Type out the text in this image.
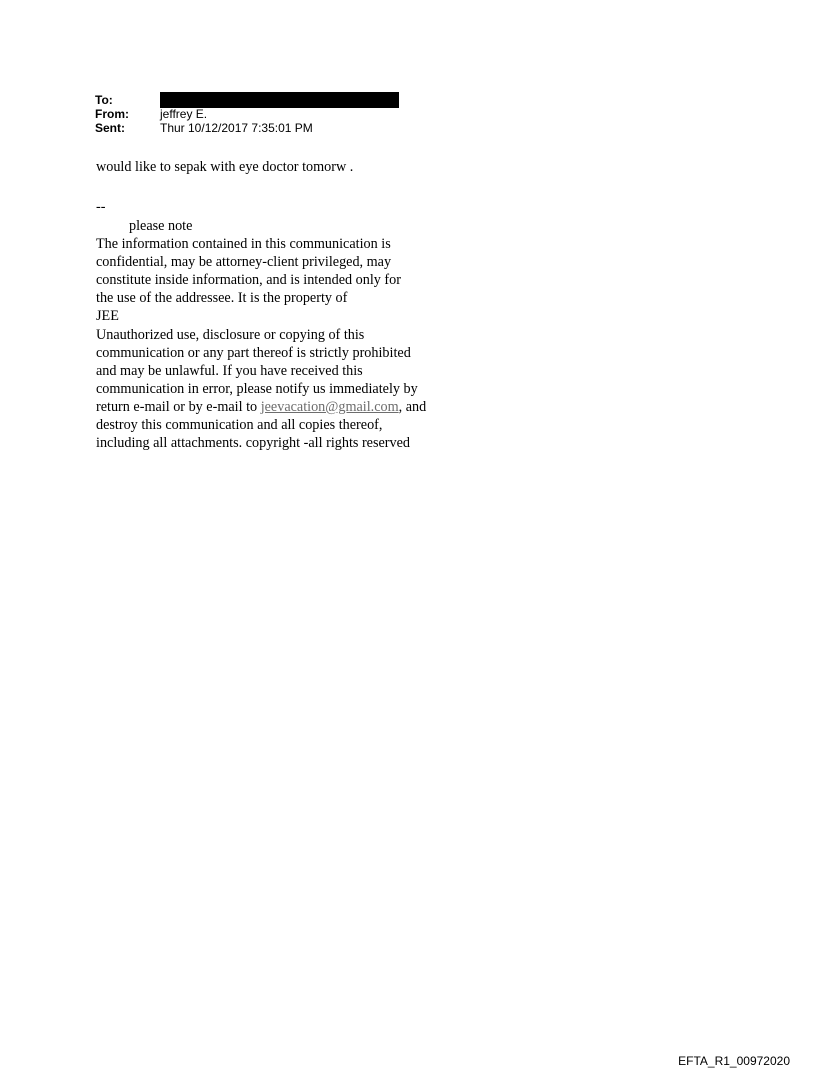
To:
From:	jeffrey E.
Sent:	Thur 10/12/2017 7:35:01 PM
would like to sepak with eye doctor tomorw .
--
please note
The information contained in this communication is
confidential, may be attorney-client privileged, may
constitute inside information, and is intended only for
the use of the addressee. It is the property of
JEE
Unauthorized use, disclosure or copying of this
communication or any part thereof is strictly prohibited
and may be unlawful. If you have received this
communication in error, please notify us immediately by
return e-mail or by e-mail to jeevacation@gmail.com, and
destroy this communication and all copies thereof,
including all attachments. copyright -all rights reserved
EFTA_R1_00972020
